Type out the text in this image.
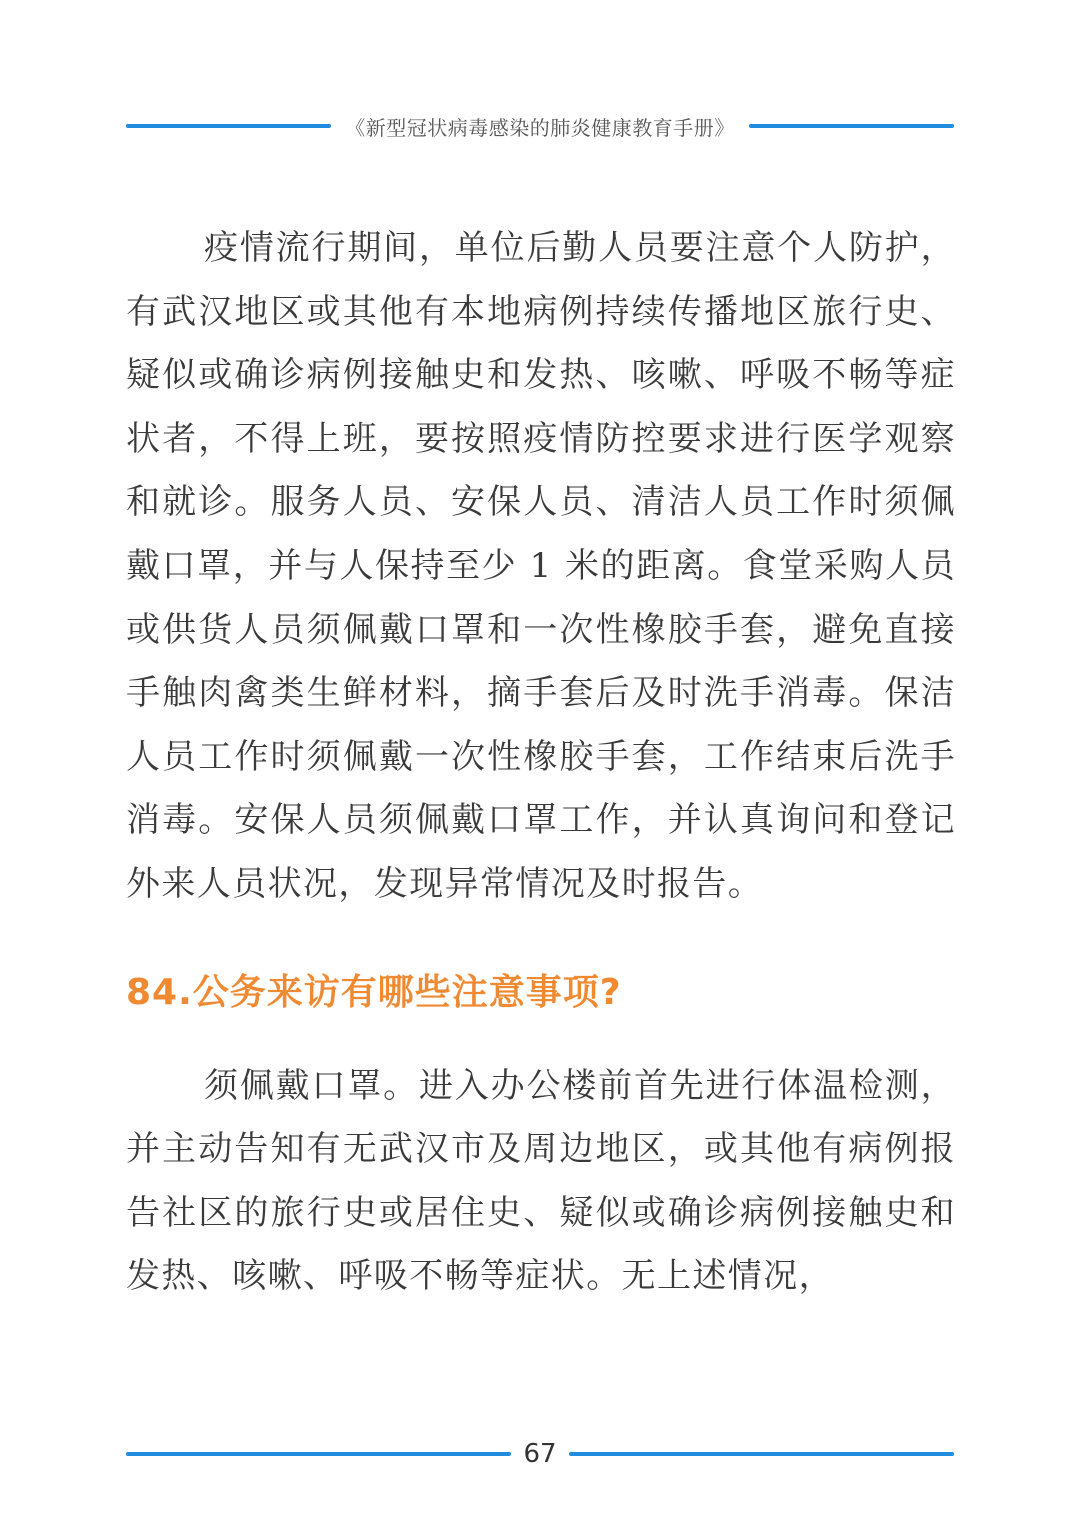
《新型冠状病毒感染的肺炎健康教育手册》

疫情流行期间，单位后勤人员要注意个人防护，有武汉地区或其他有本地病例持续传播地区旅行史、疑似或确诊病例接触史和发热、咳嗽、呼吸不畅等症状者，不得上班，要按照疫情防控要求进行医学观察和就诊。服务人员、安保人员、清洁人员工作时须佩戴口罩，并与人保持至少 1 米的距离。食堂采购人员或供货人员须佩戴口罩和一次性橡胶手套，避免直接手触肉禽类生鲜材料，摘手套后及时洗手消毒。保洁人员工作时须佩戴一次性橡胶手套，工作结束后洗手消毒。安保人员须佩戴口罩工作，并认真询问和登记外来人员状况，发现异常情况及时报告。

84.公务来访有哪些注意事项?

须佩戴口罩。进入办公楼前首先进行体温检测，并主动告知有无武汉市及周边地区，或其他有病例报告社区的旅行史或居住史、疑似或确诊病例接触史和发热、咳嗽、呼吸不畅等症状。无上述情况，

67
